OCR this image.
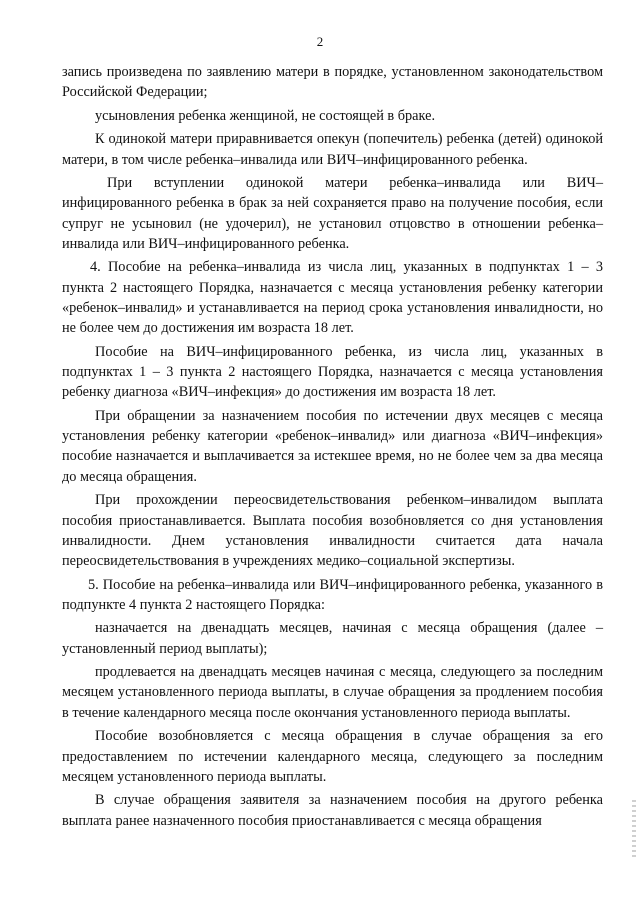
2

запись произведена по заявлению матери в порядке, установленном законодательством Российской Федерации;

усыновления ребенка женщиной, не состоящей в браке.

К одинокой матери приравнивается опекун (попечитель) ребенка (детей) одинокой матери, в том числе ребенка–инвалида или ВИЧ–инфицированного ребенка.

При вступлении одинокой матери ребенка–инвалида или ВИЧ–инфицированного ребенка в брак за ней сохраняется право на получение пособия, если супруг не усыновил (не удочерил), не установил отцовство в отношении ребенка–инвалида или ВИЧ–инфицированного ребенка.

4. Пособие на ребенка–инвалида из числа лиц, указанных в подпунктах 1 – 3 пункта 2 настоящего Порядка, назначается с месяца установления ребенку категории «ребенок–инвалид» и устанавливается на период срока установления инвалидности, но не более чем до достижения им возраста 18 лет.

Пособие на ВИЧ–инфицированного ребенка, из числа лиц, указанных в подпунктах 1 – 3 пункта 2 настоящего Порядка, назначается с месяца установления ребенку диагноза «ВИЧ–инфекция» до достижения им возраста 18 лет.

При обращении за назначением пособия по истечении двух месяцев с месяца установления ребенку категории «ребенок–инвалид» или диагноза «ВИЧ–инфекция» пособие назначается и выплачивается за истекшее время, но не более чем за два месяца до месяца обращения.

При прохождении переосвидетельствования ребенком–инвалидом выплата пособия приостанавливается. Выплата пособия возобновляется со дня установления инвалидности. Днем установления инвалидности считается дата начала переосвидетельствования в учреждениях медико–социальной экспертизы.

5. Пособие на ребенка–инвалида или ВИЧ–инфицированного ребенка, указанного в подпункте 4 пункта 2 настоящего Порядка:

назначается на двенадцать месяцев, начиная с месяца обращения (далее – установленный период выплаты);

продлевается на двенадцать месяцев начиная с месяца, следующего за последним месяцем установленного периода выплаты, в случае обращения за продлением пособия в течение календарного месяца после окончания установленного периода выплаты.

Пособие возобновляется с месяца обращения в случае обращения за его предоставлением по истечении календарного месяца, следующего за последним месяцем установленного периода выплаты.

В случае обращения заявителя за назначением пособия на другого ребенка выплата ранее назначенного пособия приостанавливается с месяца обращения
